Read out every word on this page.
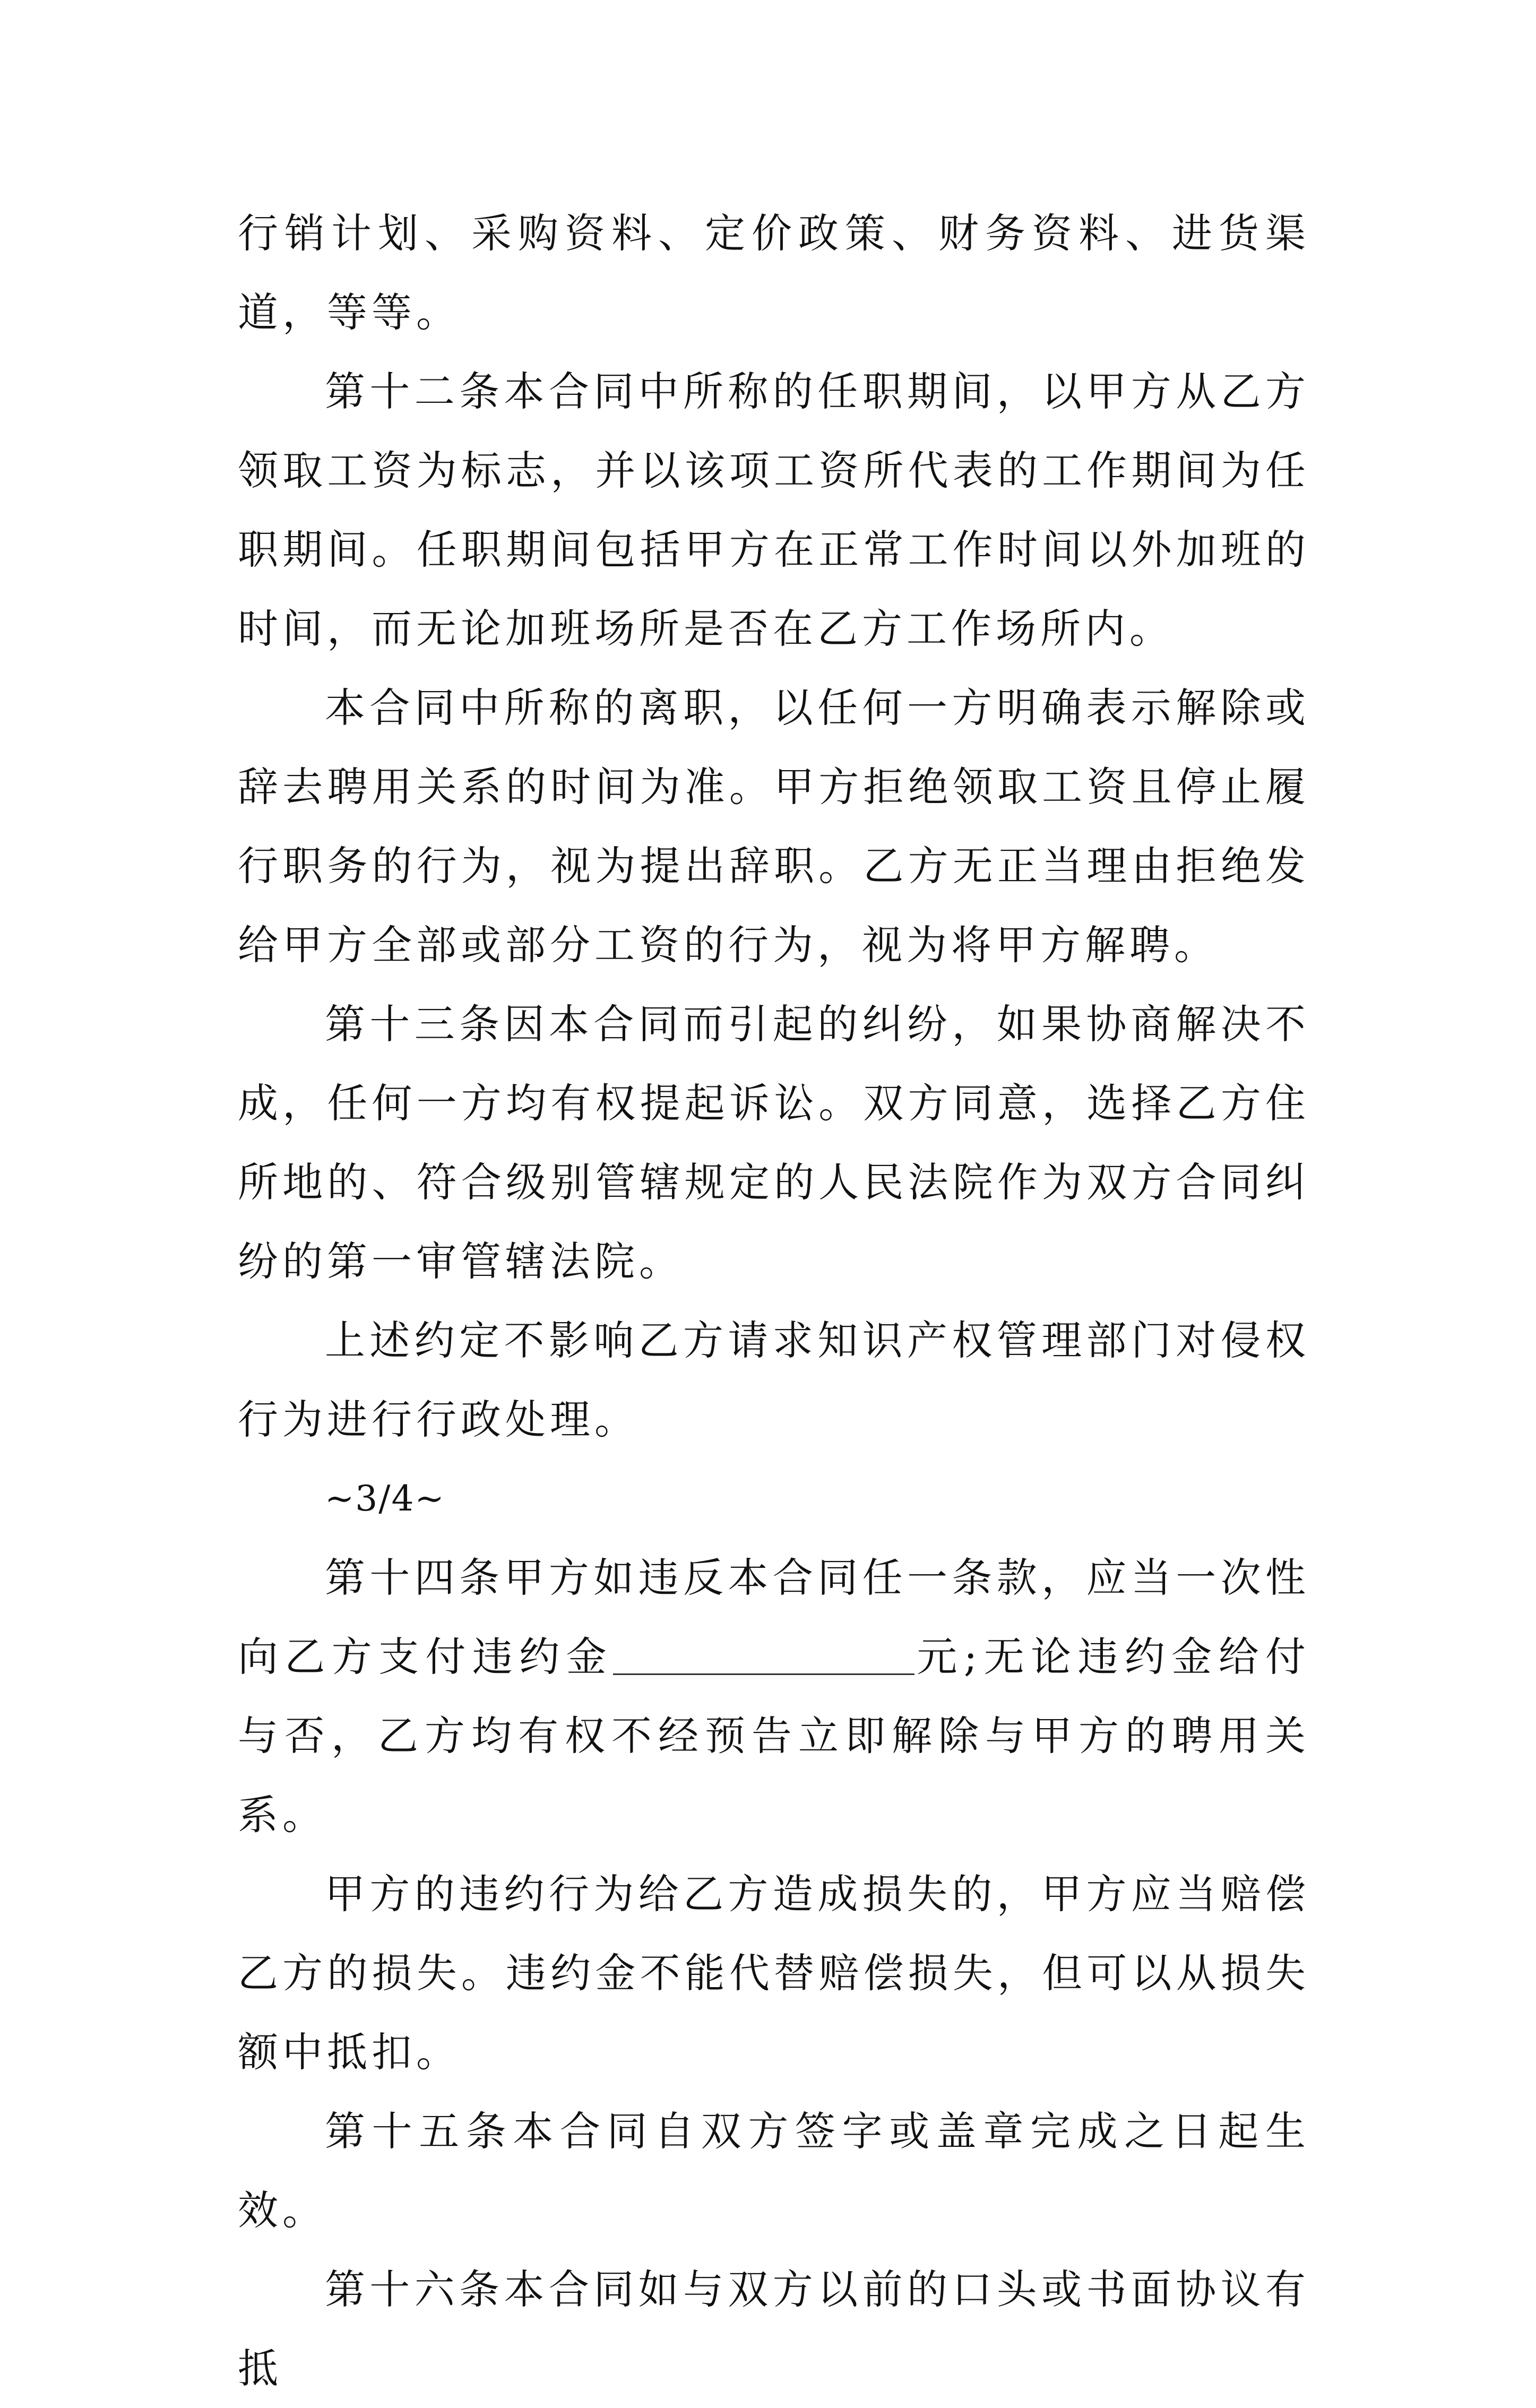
行销计划、采购资料、定价政策、财务资料、进货渠道，等等。

第十二条本合同中所称的任职期间，以甲方从乙方领取工资为标志，并以该项工资所代表的工作期间为任职期间。任职期间包括甲方在正常工作时间以外加班的时间，而无论加班场所是否在乙方工作场所内。

本合同中所称的离职，以任何一方明确表示解除或辞去聘用关系的时间为准。甲方拒绝领取工资且停止履行职务的行为，视为提出辞职。乙方无正当理由拒绝发给甲方全部或部分工资的行为，视为将甲方解聘。

第十三条因本合同而引起的纠纷，如果协商解决不成，任何一方均有权提起诉讼。双方同意，选择乙方住所地的、符合级别管辖规定的人民法院作为双方合同纠纷的第一审管辖法院。

上述约定不影响乙方请求知识产权管理部门对侵权行为进行行政处理。

~3/4~

第十四条甲方如违反本合同任一条款，应当一次性向乙方支付违约金	元;无论违约金给付与否，乙方均有权不经预告立即解除与甲方的聘用关系。

甲方的违约行为给乙方造成损失的，甲方应当赔偿乙方的损失。违约金不能代替赔偿损失，但可以从损失额中抵扣。

第十五条本合同自双方签字或盖章完成之日起生效。

第十六条本合同如与双方以前的口头或书面协议有抵
